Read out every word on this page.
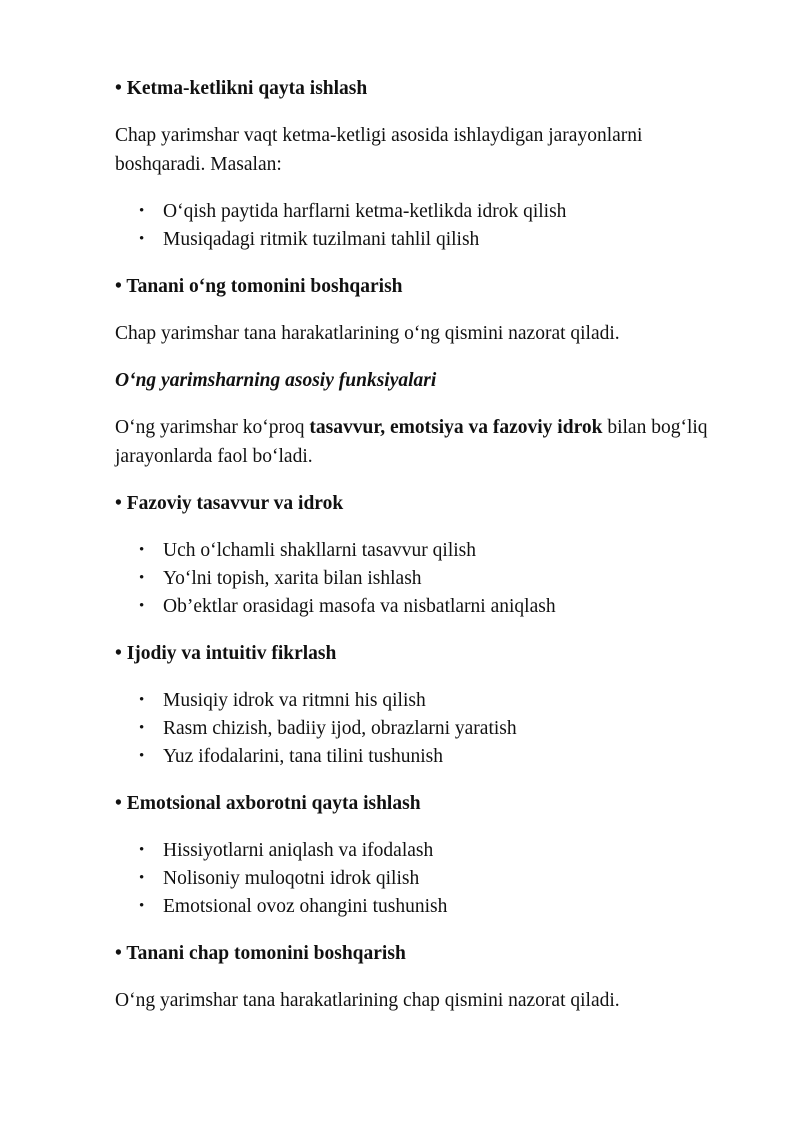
• Ketma-ketlikni qayta ishlash

Chap yarimshar vaqt ketma-ketligi asosida ishlaydigan jarayonlarni boshqaradi. Masalan:

• O‘qish paytida harflarni ketma-ketlikda idrok qilish
• Musiqadagi ritmik tuzilmani tahlil qilish

• Tanani o‘ng tomonini boshqarish

Chap yarimshar tana harakatlarining o‘ng qismini nazorat qiladi.

O‘ng yarimsharning asosiy funksiyalari

O‘ng yarimshar ko‘proq tasavvur, emotsiya va fazoviy idrok bilan bog‘liq jarayonlarda faol bo‘ladi.

• Fazoviy tasavvur va idrok

• Uch o‘lchamli shakllarni tasavvur qilish
• Yo‘lni topish, xarita bilan ishlash
• Ob’ektlar orasidagi masofa va nisbatlarni aniqlash

• Ijodiy va intuitiv fikrlash

• Musiqiy idrok va ritmni his qilish
• Rasm chizish, badiiy ijod, obrazlarni yaratish
• Yuz ifodalarini, tana tilini tushunish

• Emotsional axborotni qayta ishlash

• Hissiyotlarni aniqlash va ifodalash
• Nolisoniy muloqotni idrok qilish
• Emotsional ovoz ohangini tushunish

• Tanani chap tomonini boshqarish

O‘ng yarimshar tana harakatlarining chap qismini nazorat qiladi.
